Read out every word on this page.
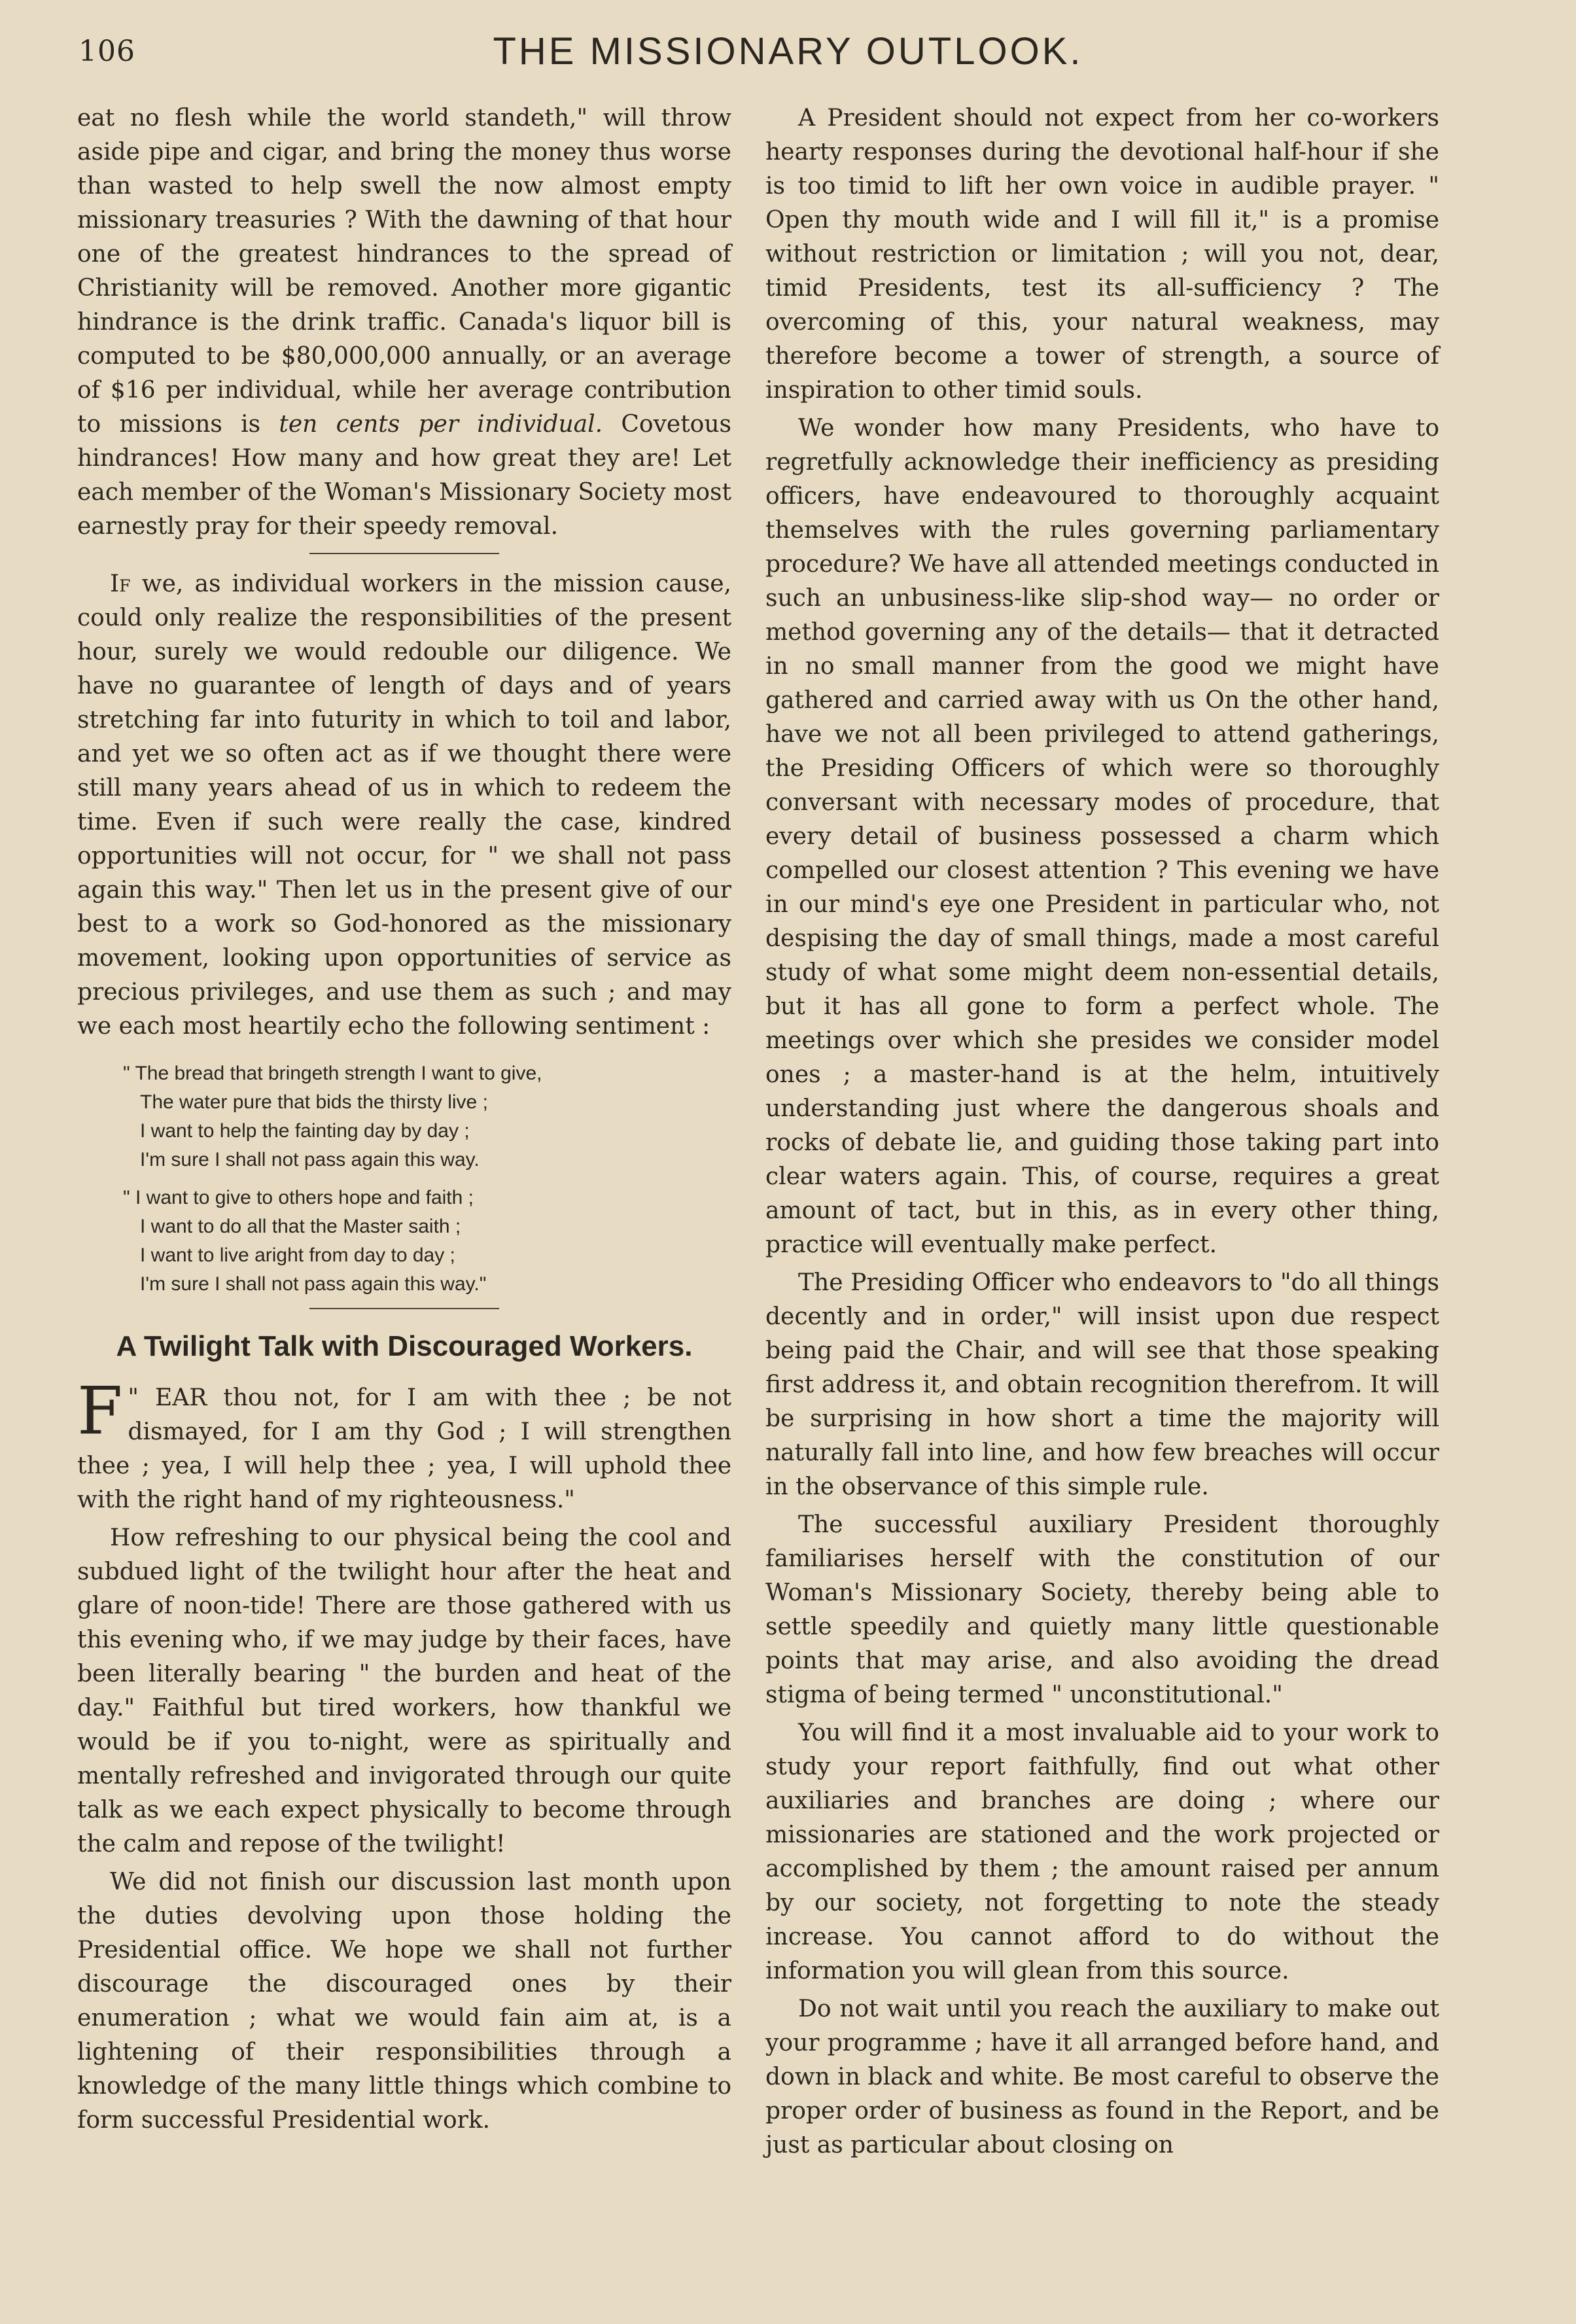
106	THE MISSIONARY OUTLOOK.

eat no flesh while the world standeth," will throw aside pipe and cigar, and bring the money thus worse than wasted to help swell the now almost empty missionary treasuries ? With the dawning of that hour one of the greatest hindrances to the spread of Christianity will be removed. Another more gigantic hindrance is the drink traffic. Canada's liquor bill is computed to be $80,000,000 annually, or an average of $16 per individual, while her average contribution to missions is ten cents per individual. Covetous hindrances! How many and how great they are! Let each member of the Woman's Missionary Society most earnestly pray for their speedy removal.

If we, as individual workers in the mission cause, could only realize the responsibilities of the present hour, surely we would redouble our diligence. We have no guarantee of length of days and of years stretching far into futurity in which to toil and labor, and yet we so often act as if we thought there were still many years ahead of us in which to redeem the time. Even if such were really the case, kindred opportunities will not occur, for " we shall not pass again this way." Then let us in the present give of our best to a work so God-honored as the missionary movement, looking upon opportunities of service as precious privileges, and use them as such ; and may we each most heartily echo the following sentiment :

" The bread that bringeth strength I want to give,
The water pure that bids the thirsty live ;
I want to help the fainting day by day ;
I'm sure I shall not pass again this way.
" I want to give to others hope and faith ;
I want to do all that the Master saith ;
I want to live aright from day to day ;
I'm sure I shall not pass again this way."
A Twilight Talk with Discouraged Workers.

"
F EAR thou not, for I am with thee ; be not dismayed, for I am thy God ; I will strengthen thee ; yea, I will help thee ; yea, I will uphold thee with the right hand of my righteousness."

How refreshing to our physical being the cool and subdued light of the twilight hour after the heat and glare of noon-tide! There are those gathered with us this evening who, if we may judge by their faces, have been literally bearing " the burden and heat of the day." Faithful but tired workers, how thankful we would be if you to-night, were as spiritually and mentally refreshed and invigorated through our quite talk as we each expect physically to become through the calm and repose of the twilight!

We did not finish our discussion last month upon the duties devolving upon those holding the Presidential office. We hope we shall not further discourage the discouraged ones by their enumeration ; what we would fain aim at, is a lightening of their responsibilities through a knowledge of the many little things which combine to form successful Presidential work.

A President should not expect from her co-workers hearty responses during the devotional half-hour if she is too timid to lift her own voice in audible prayer. " Open thy mouth wide and I will fill it," is a promise without restriction or limitation ; will you not, dear, timid Presidents, test its all-sufficiency ? The overcoming of this, your natural weakness, may therefore become a tower of strength, a source of inspiration to other timid souls.

We wonder how many Presidents, who have to regretfully acknowledge their inefficiency as presiding officers, have endeavoured to thoroughly acquaint themselves with the rules governing parliamentary procedure? We have all attended meetings conducted in such an unbusiness-like slip-shod way— no order or method governing any of the details— that it detracted in no small manner from the good we might have gathered and carried away with us On the other hand, have we not all been privileged to attend gatherings, the Presiding Officers of which were so thoroughly conversant with necessary modes of procedure, that every detail of business possessed a charm which compelled our closest attention ? This evening we have in our mind's eye one President in particular who, not despising the day of small things, made a most careful study of what some might deem non-essential details, but it has all gone to form a perfect whole. The meetings over which she presides we consider model ones ; a master-hand is at the helm, intuitively understanding just where the dangerous shoals and rocks of debate lie, and guiding those taking part into clear waters again. This, of course, requires a great amount of tact, but in this, as in every other thing, practice will eventually make perfect.

The Presiding Officer who endeavors to "do all things decently and in order," will insist upon due respect being paid the Chair, and will see that those speaking first address it, and obtain recognition therefrom. It will be surprising in how short a time the majority will naturally fall into line, and how few breaches will occur in the observance of this simple rule.

The successful auxiliary President thoroughly familiarises herself with the constitution of our Woman's Missionary Society, thereby being able to settle speedily and quietly many little questionable points that may arise, and also avoiding the dread stigma of being termed " unconstitutional."

You will find it a most invaluable aid to your work to study your report faithfully, find out what other auxiliaries and branches are doing ; where our missionaries are stationed and the work projected or accomplished by them ; the amount raised per annum by our society, not forgetting to note the steady increase. You cannot afford to do without the information you will glean from this source.

Do not wait until you reach the auxiliary to make out your programme ; have it all arranged before hand, and down in black and white. Be most careful to observe the proper order of business as found in the Report, and be just as particular about closing on
